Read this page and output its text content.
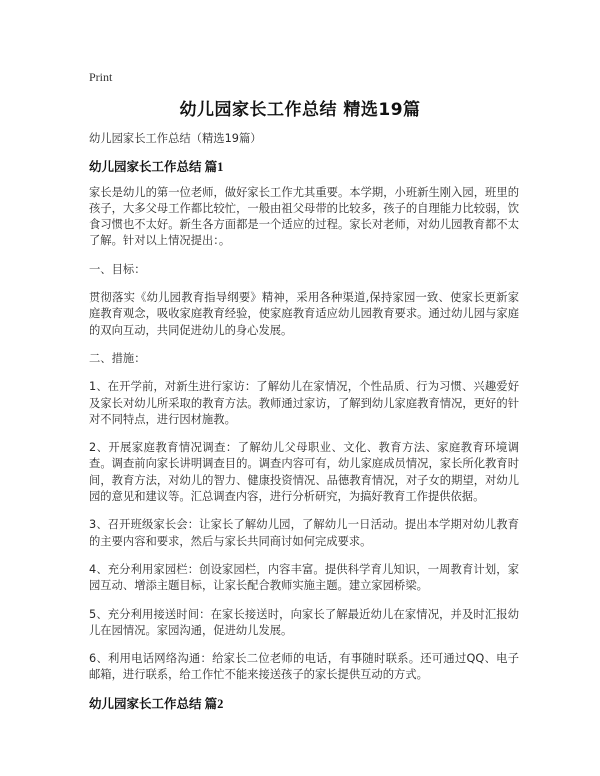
Print
幼儿园家长工作总结 精选19篇

幼儿园家长工作总结（精选19篇）

幼儿园家长工作总结 篇1

家长是幼儿的第一位老师，做好家长工作尤其重要。本学期，小班新生刚入园，班里的孩子，大多父母工作都比较忙，一般由祖父母带的比较多，孩子的自理能力比较弱，饮食习惯也不太好。新生各方面都是一个适应的过程。家长对老师，对幼儿园教育都不太了解。针对以上情况提出：。

一、目标：

贯彻落实《幼儿园教育指导纲要》精神，采用各种渠道,保持家园一致、使家长更新家庭教育观念，吸收家庭教育经验，使家庭教育适应幼儿园教育要求。通过幼儿园与家庭的双向互动，共同促进幼儿的身心发展。

二、措施：

1、在开学前，对新生进行家访：了解幼儿在家情况，个性品质、行为习惯、兴趣爱好及家长对幼儿所采取的教育方法。教师通过家访，了解到幼儿家庭教育情况，更好的针对不同特点，进行因材施教。

2、开展家庭教育情况调查：了解幼儿父母职业、文化、教育方法、家庭教育环境调查。调查前向家长讲明调查目的。调查内容可有，幼儿家庭成员情况，家长所化教育时间，教育方法，对幼儿的智力、健康投资情况、品德教育情况，对子女的期望，对幼儿园的意见和建议等。汇总调查内容，进行分析研究，为搞好教育工作提供依据。

3、召开班级家长会：让家长了解幼儿园，了解幼儿一日活动。提出本学期对幼儿教育的主要内容和要求，然后与家长共同商讨如何完成要求。

4、充分利用家园栏：创设家园栏，内容丰富。提供科学育儿知识，一周教育计划，家园互动、增添主题目标，让家长配合教师实施主题。建立家园桥梁。

5、充分利用接送时间：在家长接送时，向家长了解最近幼儿在家情况，并及时汇报幼儿在园情况。家园沟通，促进幼儿发展。

6、利用电话网络沟通：给家长二位老师的电话，有事随时联系。还可通过QQ、电子邮箱，进行联系，给工作忙不能来接送孩子的家长提供互动的方式。

幼儿园家长工作总结 篇2
